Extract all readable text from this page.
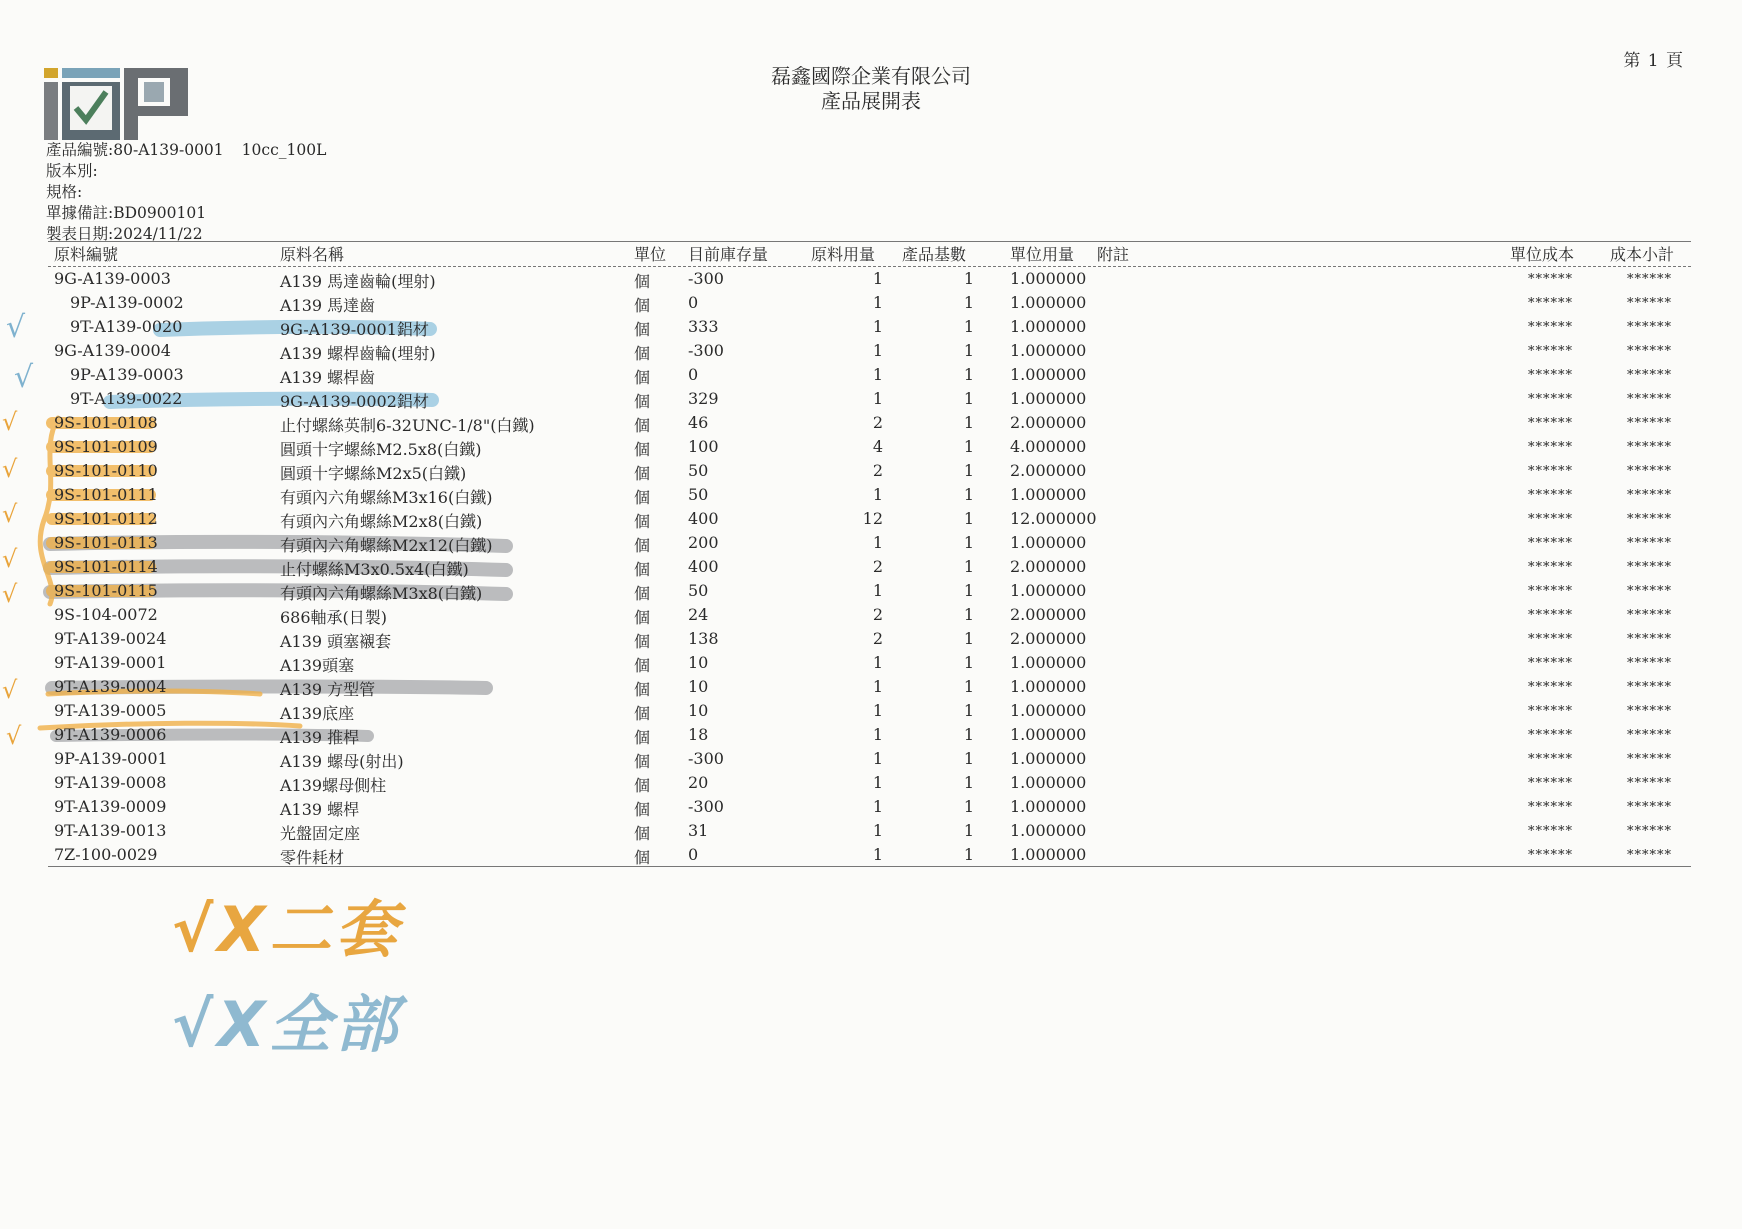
第 1 頁
磊鑫國際企業有限公司
產品展開表
產品編號:80-A139-0001 10cc_100L
版本別:
規格:
單據備註:BD0900101
製表日期:2024/11/22
原料編號	原料名稱	單位 目前庫存量	原料用量 產品基數	單位用量 附註	單位成本 成本小計
√
√
√
√
√
√
√
√
√
9G-A139-0003	A139 馬達齒輪(埋射)	個 -300	1	1 1.000000	******	******
9P-A139-0002	A139 馬達齒	個 0	1	1 1.000000	******	******
9T-A139-0020	9G-A139-0001鋁材	個 333	1	1 1.000000	******	******
9G-A139-0004	A139 螺桿齒輪(埋射)	個 -300	1	1 1.000000	******	******
9P-A139-0003	A139 螺桿齒	個 0	1	1 1.000000	******	******
9T-A139-0022	9G-A139-0002鋁材	個 329	1	1 1.000000	******	******
9S-101-0108	止付螺絲英制6-32UNC-1/8"(白鐵)	個 46	2	1 2.000000	******	******
9S-101-0109	圓頭十字螺絲M2.5x8(白鐵)	個 100	4	1 4.000000	******	******
9S-101-0110	圓頭十字螺絲M2x5(白鐵)	個 50	2	1 2.000000	******	******
9S-101-0111	有頭內六角螺絲M3x16(白鐵)	個 50	1	1 1.000000	******	******
9S-101-0112	有頭內六角螺絲M2x8(白鐵)	個 400	12	1 12.000000	******	******
9S-101-0113	有頭內六角螺絲M2x12(白鐵)	個 200	1	1 1.000000	******	******
9S-101-0114	止付螺絲M3x0.5x4(白鐵)	個 400	2	1 2.000000	******	******
9S-101-0115	有頭內六角螺絲M3x8(白鐵)	個 50	1	1 1.000000	******	******
9S-104-0072	686軸承(日製)	個 24	2	1 2.000000	******	******
9T-A139-0024	A139 頭塞襯套	個 138	2	1 2.000000	******	******
9T-A139-0001	A139頭塞	個 10	1	1 1.000000	******	******
9T-A139-0004	A139 方型管	個 10	1	1 1.000000	******	******
9T-A139-0005	A139底座	個 10	1	1 1.000000	******	******
9T-A139-0006	A139 推桿	個 18	1	1 1.000000	******	******
9P-A139-0001	A139 螺母(射出)	個 -300	1	1 1.000000	******	******
9T-A139-0008	A139螺母側柱	個 20	1	1 1.000000	******	******
9T-A139-0009	A139 螺桿	個 -300	1	1 1.000000	******	******
9T-A139-0013	光盤固定座	個 31	1	1 1.000000	******	******
7Z-100-0029	零件耗材	個 0	1	1 1.000000	******	******
√X二套
√X全部
